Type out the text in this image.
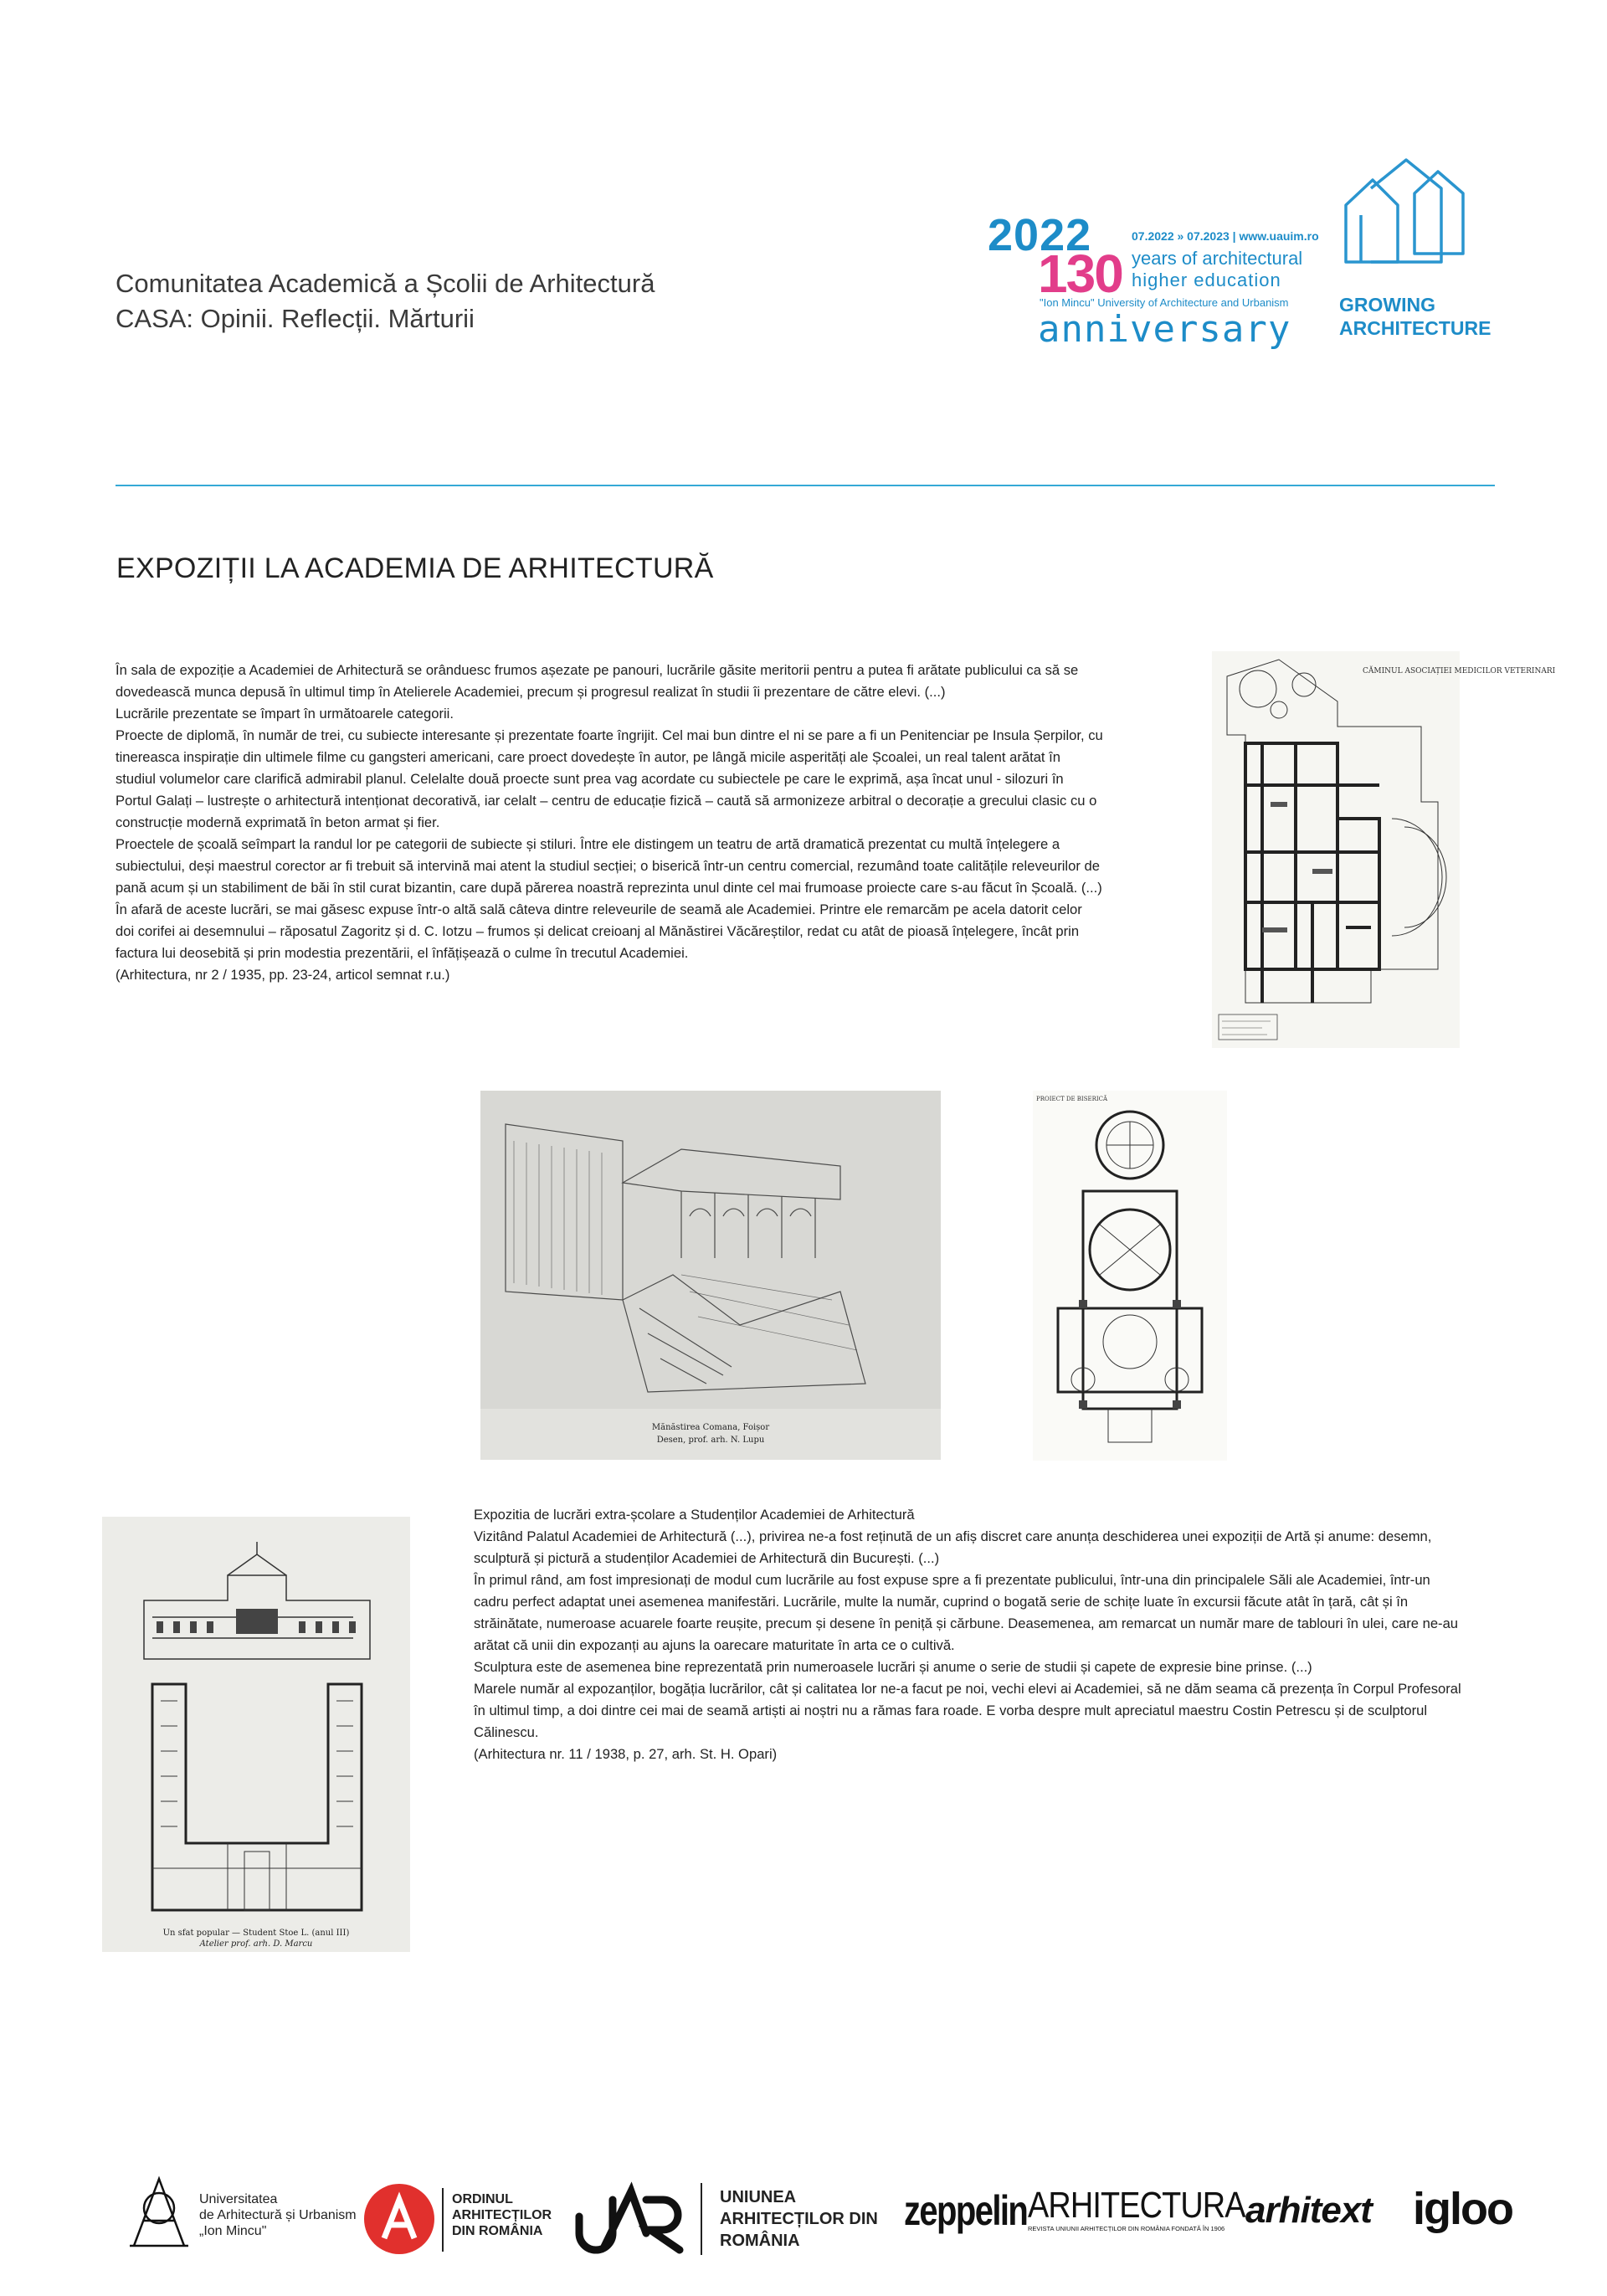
Comunitatea Academică a Școlii de Arhitectură
CASA: Opinii. Reflecții. Mărturii
2022
130
07.2022 » 07.2023 | www.uauim.ro
years of architectural
higher education
"Ion Mincu" University of Architecture and Urbanism
anniversary
GROWING
ARCHITECTURE
EXPOZIȚII LA ACADEMIA DE ARHITECTURĂ

În sala de expoziție a Academiei de Arhitectură se orânduesc frumos așezate pe panouri, lucrările găsite meritorii pentru a putea fi arătate publicului ca să se dovedească munca depusă în ultimul timp în Atelierele Academiei, precum și progresul realizat în studii îi prezentare de către elevi. (...)

Lucrările prezentate se împart în următoarele categorii.

Proecte de diplomă, în număr de trei, cu subiecte interesante și prezentate foarte îngrijit. Cel mai bun dintre el ni se pare a fi un Penitenciar pe Insula Șerpilor, cu tinereasca inspirație din ultimele filme cu gangsteri americani, care proect dovedește în autor, pe lângă micile asperități ale Școalei, un real talent arătat în studiul volumelor care clarifică admirabil planul. Celelalte două proecte sunt prea vag acordate cu subiectele pe care le exprimă, așa încat unul - silozuri în Portul Galați – lustrește o arhitectură intenționat decorativă, iar celalt – centru de educație fizică – caută să armonizeze arbitral o decorație a grecului clasic cu o construcție modernă exprimată în beton armat și fier.

Proectele de școală seîmpart la randul lor pe categorii de subiecte și stiluri. Între ele distingem un teatru de artă dramatică prezentat cu multă înțelegere a subiectului, deși maestrul corector ar fi trebuit să intervină mai atent la studiul secției; o biserică într-un centru comercial, rezumând toate calitățile releveurilor de pană acum și un stabiliment de băi în stil curat bizantin, care după părerea noastră reprezinta unul dinte cel mai frumoase proiecte care s-au făcut în Școală. (...)

În afară de aceste lucrări, se mai găsesc expuse într-o altă sală câteva dintre releveurile de seamă ale Academiei. Printre ele remarcăm pe acela datorit celor doi corifei ai desemnului – răposatul Zagoritz și d. C. Iotzu – frumos și delicat creioanj al Mănăstirei Văcăreștilor, redat cu atât de pioasă înțelegere, încât prin factura lui deosebită și prin modestia prezentării, el înfățișează o culme în trecutul Academiei.

(Arhitectura, nr 2 / 1935, pp. 23-24, articol semnat r.u.)

CĂMINUL ASOCIAȚIEI MEDICILOR VETERINARI
Mănăstirea Comana, Foișor
Desen, prof. arh. N. Lupu
PROIECT DE BISERICĂ
Un sfat popular — Student Stoe L. (anul III)
Atelier prof. arh. D. Marcu

Expozitia de lucrări extra-școlare a Studenților Academiei de Arhitectură

Vizitând Palatul Academiei de Arhitectură (...), privirea ne-a fost reținută de un afiș discret care anunța deschiderea unei expoziții de Artă și anume: desemn, sculptură și pictură a studenților Academiei de Arhitectură din București. (...)

În primul rând, am fost impresionați de modul cum lucrările au fost expuse spre a fi prezentate publicului, într-una din principalele Săli ale Academiei, într-un cadru perfect adaptat unei asemenea manifestări. Lucrările, multe la număr, cuprind o bogată serie de schițe luate în excursii făcute atât în țară, cât și în străinătate, numeroase acuarele foarte reușite, precum și desene în peniță și cărbune. Deasemenea, am remarcat un număr mare de tablouri în ulei, care ne-au arătat că unii din expozanți au ajuns la oarecare maturitate în arta ce o cultivă.

Sculptura este de asemenea bine reprezentată prin numeroasele lucrări și anume o serie de studii și capete de expresie bine prinse. (...)

Marele număr al expozanților, bogăția lucrărilor, cât și calitatea lor ne-a facut pe noi, vechi elevi ai Academiei, să ne dăm seama că prezența în Corpul Profesoral în ultimul timp, a doi dintre cei mai de seamă artiști ai noștri nu a rămas fara roade. E vorba despre mult apreciatul maestru Costin Petrescu și de sculptorul Călinescu.

(Arhitectura nr. 11 / 1938, p. 27, arh. St. H. Opari)

Universitatea
de Arhitectură și Urbanism
„Ion Mincu"
ORDINUL
ARHITECȚILOR
DIN ROMÂNIA
UNIUNEA
ARHITECȚILOR DIN
ROMÂNIA
zeppelin ARHITECTURA
REVISTA UNIUNII ARHITECȚILOR DIN ROMÂNIA FONDATĂ ÎN 1906 arhitext igloo
